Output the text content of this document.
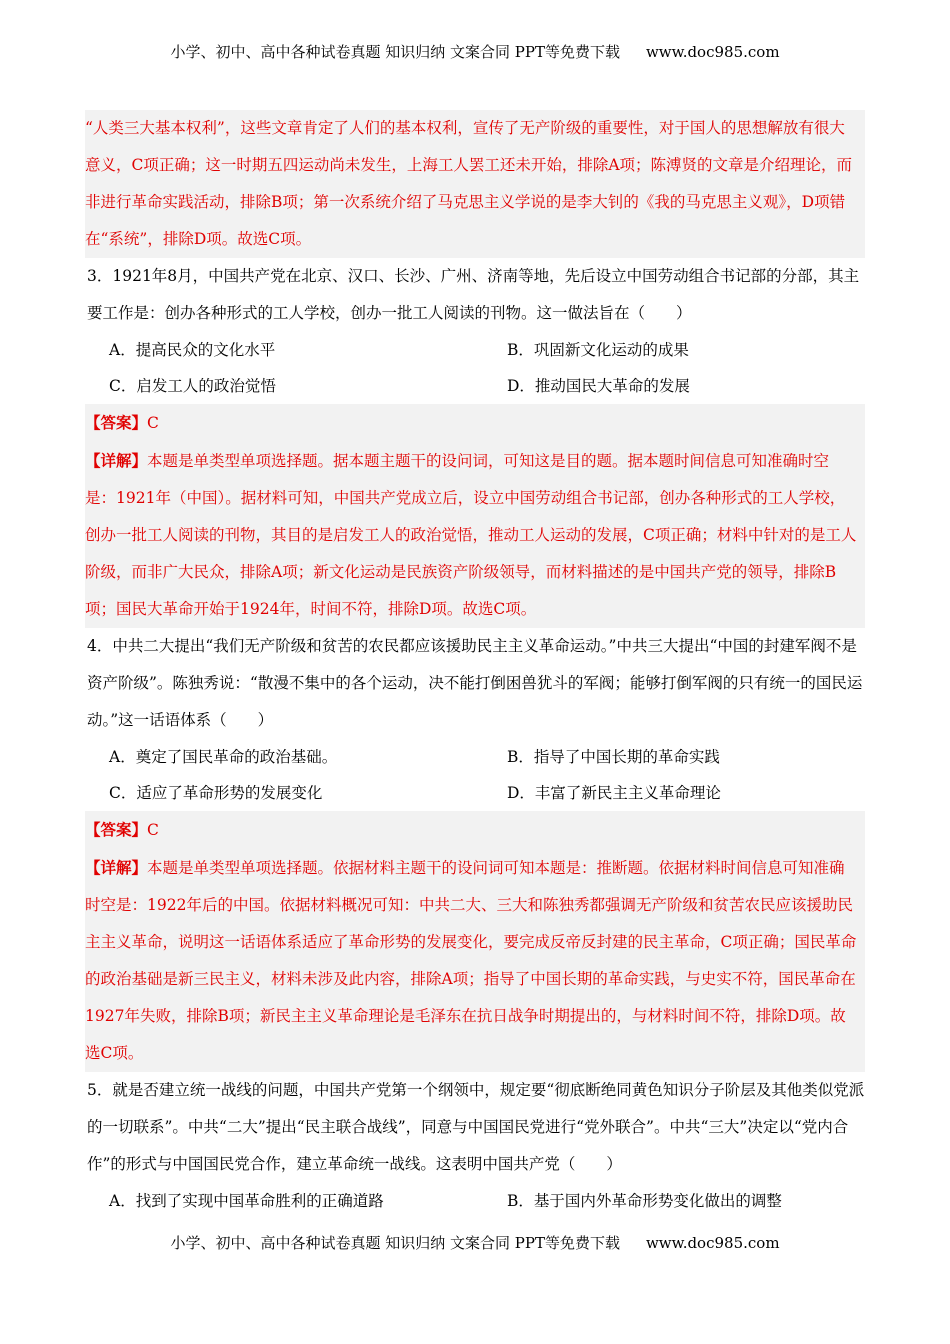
小学、初中、高中各种试卷真题 知识归纳 文案合同 PPT等免费下载 www.doc985.com
“人类三大基本权利”，这些文章肯定了人们的基本权利，宣传了无产阶级的重要性，对于国人的思想解放有很大意义，C项正确；这一时期五四运动尚未发生，上海工人罢工还未开始，排除A项；陈溥贤的文章是介绍理论，而非进行革命实践活动，排除B项；第一次系统介绍了马克思主义学说的是李大钊的《我的马克思主义观》，D项错在“系统”，排除D项。故选C项。
3．1921年8月，中国共产党在北京、汉口、长沙、广州、济南等地，先后设立中国劳动组合书记部的分部，其主要工作是：创办各种形式的工人学校，创办一批工人阅读的刊物。这一做法旨在（　　）
A．提高民众的文化水平	B．巩固新文化运动的成果
C．启发工人的政治觉悟	D．推动国民大革命的发展
【答案】C
【详解】本题是单类型单项选择题。据本题主题干的设问词，可知这是目的题。据本题时间信息可知准确时空是：1921年（中国）。据材料可知，中国共产党成立后，设立中国劳动组合书记部，创办各种形式的工人学校，创办一批工人阅读的刊物，其目的是启发工人的政治觉悟，推动工人运动的发展，C项正确；材料中针对的是工人阶级，而非广大民众，排除A项；新文化运动是民族资产阶级领导，而材料描述的是中国共产党的领导，排除B项；国民大革命开始于1924年，时间不符，排除D项。故选C项。
4．中共二大提出“我们无产阶级和贫苦的农民都应该援助民主主义革命运动。”中共三大提出“中国的封建军阀不是资产阶级”。陈独秀说：“散漫不集中的各个运动，决不能打倒困兽犹斗的军阀；能够打倒军阀的只有统一的国民运动。”这一话语体系（　　）
A．奠定了国民革命的政治基础。	B．指导了中国长期的革命实践
C．适应了革命形势的发展变化	D．丰富了新民主主义革命理论
【答案】C
【详解】本题是单类型单项选择题。依据材料主题干的设问词可知本题是：推断题。依据材料时间信息可知准确时空是：1922年后的中国。依据材料概况可知：中共二大、三大和陈独秀都强调无产阶级和贫苦农民应该援助民主主义革命，说明这一话语体系适应了革命形势的发展变化，要完成反帝反封建的民主革命，C项正确；国民革命的政治基础是新三民主义，材料未涉及此内容，排除A项；指导了中国长期的革命实践，与史实不符，国民革命在1927年失败，排除B项；新民主主义革命理论是毛泽东在抗日战争时期提出的，与材料时间不符，排除D项。故选C项。
5．就是否建立统一战线的问题，中国共产党第一个纲领中，规定要“彻底断绝同黄色知识分子阶层及其他类似党派的一切联系”。中共“二大”提出“民主联合战线”，同意与中国国民党进行“党外联合”。中共“三大”决定以“党内合作”的形式与中国国民党合作，建立革命统一战线。这表明中国共产党（　　）
A．找到了实现中国革命胜利的正确道路	B．基于国内外革命形势变化做出的调整
小学、初中、高中各种试卷真题 知识归纳 文案合同 PPT等免费下载 www.doc985.com
